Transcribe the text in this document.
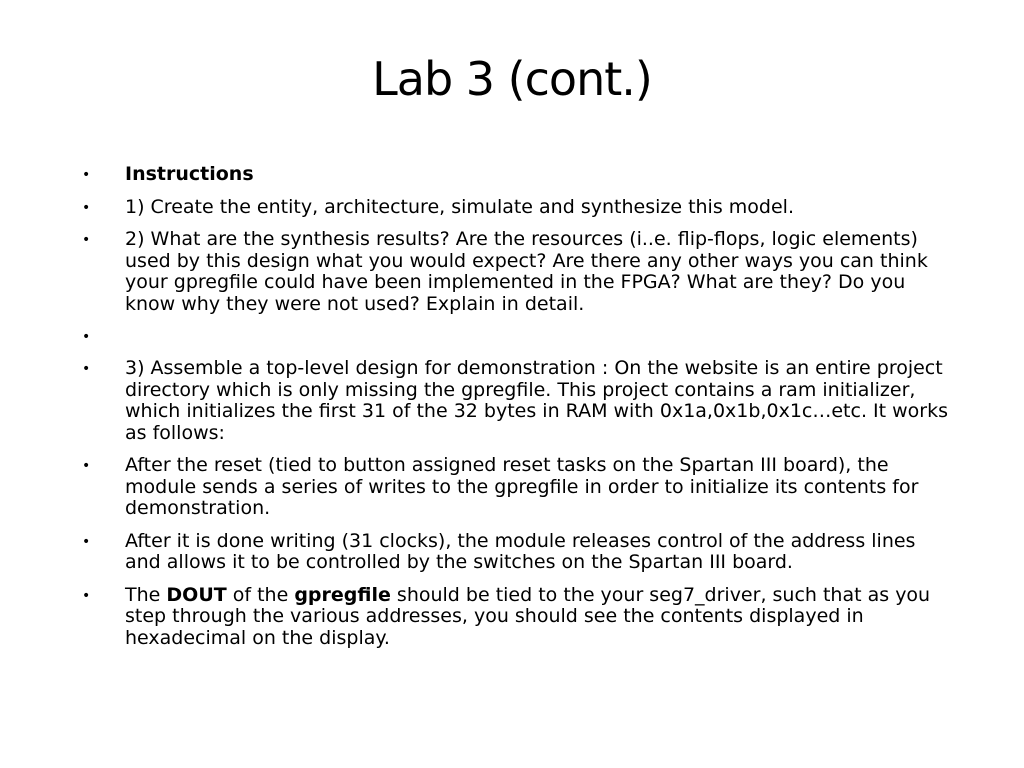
Lab 3 (cont.)
•	Instructions
•	1) Create the entity, architecture, simulate and synthesize this model.
•	2) What are the synthesis results? Are the resources (i..e. flip-flops, logic elements) used by this design what you would expect? Are there any other ways you can think your gpregfile could have been implemented in the FPGA? What are they? Do you know why they were not used? Explain in detail.
•
•	3) Assemble a top-level design for demonstration : On the website is an entire project directory which is only missing the gpregfile. This project contains a ram initializer, which initializes the first 31 of the 32 bytes in RAM with 0x1a,0x1b,0x1c…etc. It works as follows:
•	After the reset (tied to button assigned reset tasks on the Spartan III board), the module sends a series of writes to the gpregfile in order to initialize its contents for demonstration.
•	After it is done writing (31 clocks), the module releases control of the address lines and allows it to be controlled by the switches on the Spartan III board.
•	The DOUT of the gpregfile should be tied to the your seg7_driver, such that as you step through the various addresses, you should see the contents displayed in hexadecimal on the display.
